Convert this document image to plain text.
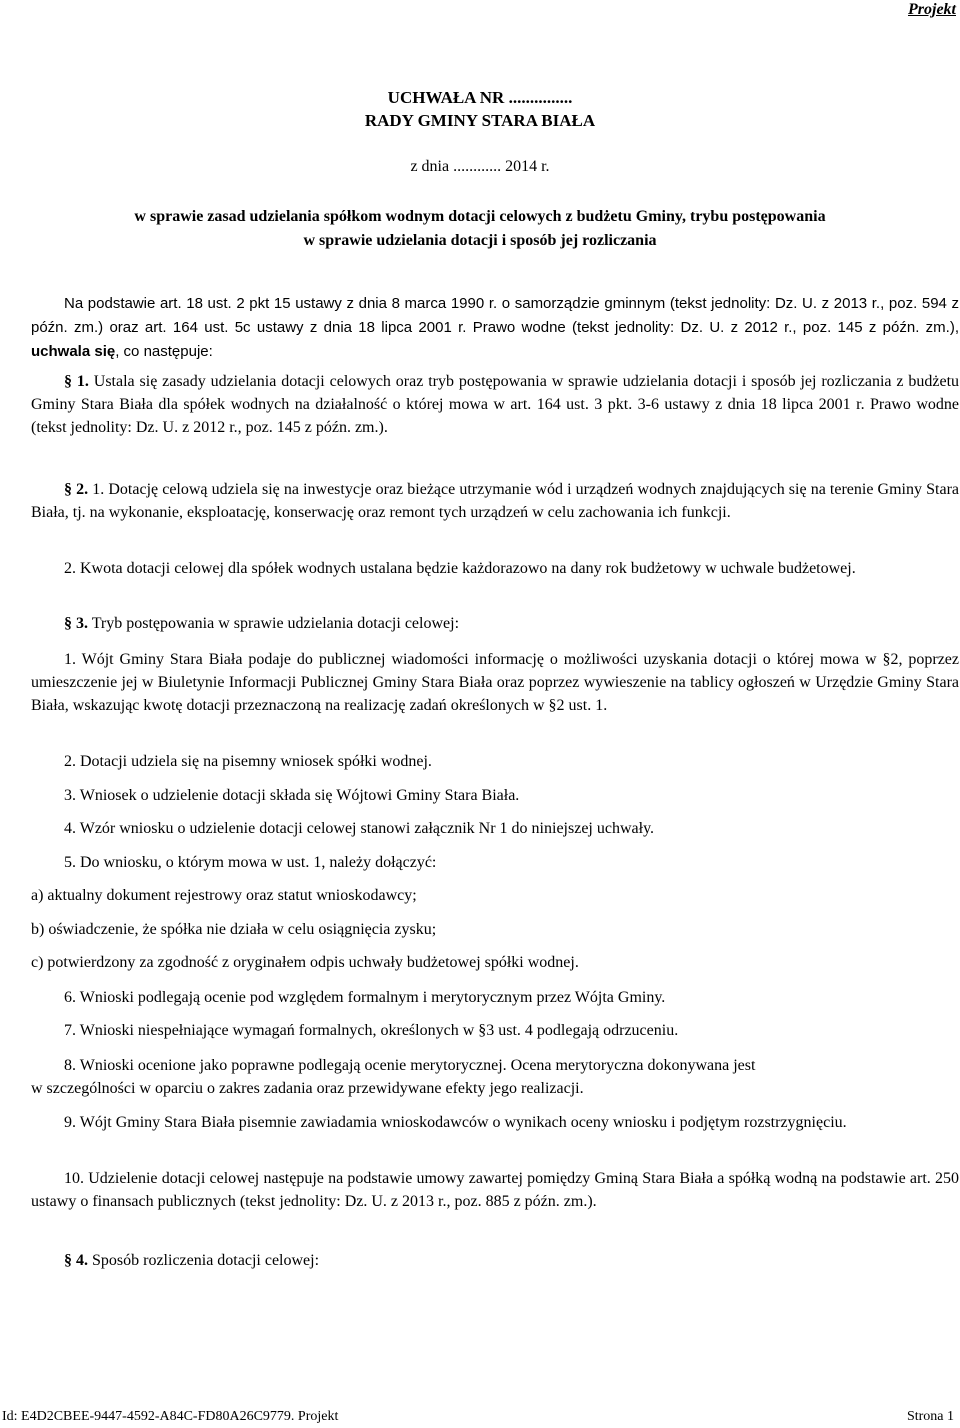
Projekt
UCHWAŁA NR ...............
RADY GMINY STARA BIAŁA
z dnia ............ 2014 r.
w sprawie zasad udzielania spółkom wodnym dotacji celowych z budżetu Gminy, trybu postępowania
w sprawie udzielania dotacji i sposób jej rozliczania

Na podstawie art. 18 ust. 2 pkt 15 ustawy z dnia 8 marca 1990 r. o samorządzie gminnym (tekst jednolity: Dz. U. z 2013 r., poz. 594 z późn. zm.) oraz art. 164 ust. 5c ustawy z dnia 18 lipca 2001 r. Prawo wodne (tekst jednolity: Dz. U. z 2012 r., poz. 145 z późn. zm.), uchwala się, co następuje:

§ 1. Ustala się zasady udzielania dotacji celowych oraz tryb postępowania w sprawie udzielania dotacji i sposób jej rozliczania z budżetu Gminy Stara Biała dla spółek wodnych na działalność o której mowa w art. 164 ust. 3 pkt. 3-6 ustawy z dnia 18 lipca 2001 r. Prawo wodne (tekst jednolity: Dz. U. z 2012 r., poz. 145 z późn. zm.).

§ 2. 1. Dotację celową udziela się na inwestycje oraz bieżące utrzymanie wód i urządzeń wodnych znajdujących się na terenie Gminy Stara Biała, tj. na wykonanie, eksploatację, konserwację oraz remont tych urządzeń w celu zachowania ich funkcji.

2. Kwota dotacji celowej dla spółek wodnych ustalana będzie każdorazowo na dany rok budżetowy w uchwale budżetowej.

§ 3. Tryb postępowania w sprawie udzielania dotacji celowej:

1. Wójt Gminy Stara Biała podaje do publicznej wiadomości informację o możliwości uzyskania dotacji o której mowa w §2, poprzez umieszczenie jej w Biuletynie Informacji Publicznej Gminy Stara Biała oraz poprzez wywieszenie na tablicy ogłoszeń w Urzędzie Gminy Stara Biała, wskazując kwotę dotacji przeznaczoną na realizację zadań określonych w §2 ust. 1.

2. Dotacji udziela się na pisemny wniosek spółki wodnej.

3. Wniosek o udzielenie dotacji składa się Wójtowi Gminy Stara Biała.

4. Wzór wniosku o udzielenie dotacji celowej stanowi załącznik Nr 1 do niniejszej uchwały.

5. Do wniosku, o którym mowa w ust. 1, należy dołączyć:

a) aktualny dokument rejestrowy oraz statut wnioskodawcy;

b) oświadczenie, że spółka nie działa w celu osiągnięcia zysku;

c) potwierdzony za zgodność z oryginałem odpis uchwały budżetowej spółki wodnej.

6. Wnioski podlegają ocenie pod względem formalnym i merytorycznym przez Wójta Gminy.

7. Wnioski niespełniające wymagań formalnych, określonych w §3 ust. 4 podlegają odrzuceniu.

8. Wnioski ocenione jako poprawne podlegają ocenie merytorycznej. Ocena merytoryczna dokonywana jest

w szczególności w oparciu o zakres zadania oraz przewidywane efekty jego realizacji.

9. Wójt Gminy Stara Biała pisemnie zawiadamia wnioskodawców o wynikach oceny wniosku i podjętym rozstrzygnięciu.

10. Udzielenie dotacji celowej następuje na podstawie umowy zawartej pomiędzy Gminą Stara Biała a spółką wodną na podstawie art. 250 ustawy o finansach publicznych (tekst jednolity: Dz. U. z 2013 r., poz. 885 z późn. zm.).

§ 4. Sposób rozliczenia dotacji celowej:

Id: E4D2CBEE-9447-4592-A84C-FD80A26C9779. Projekt	Strona 1
